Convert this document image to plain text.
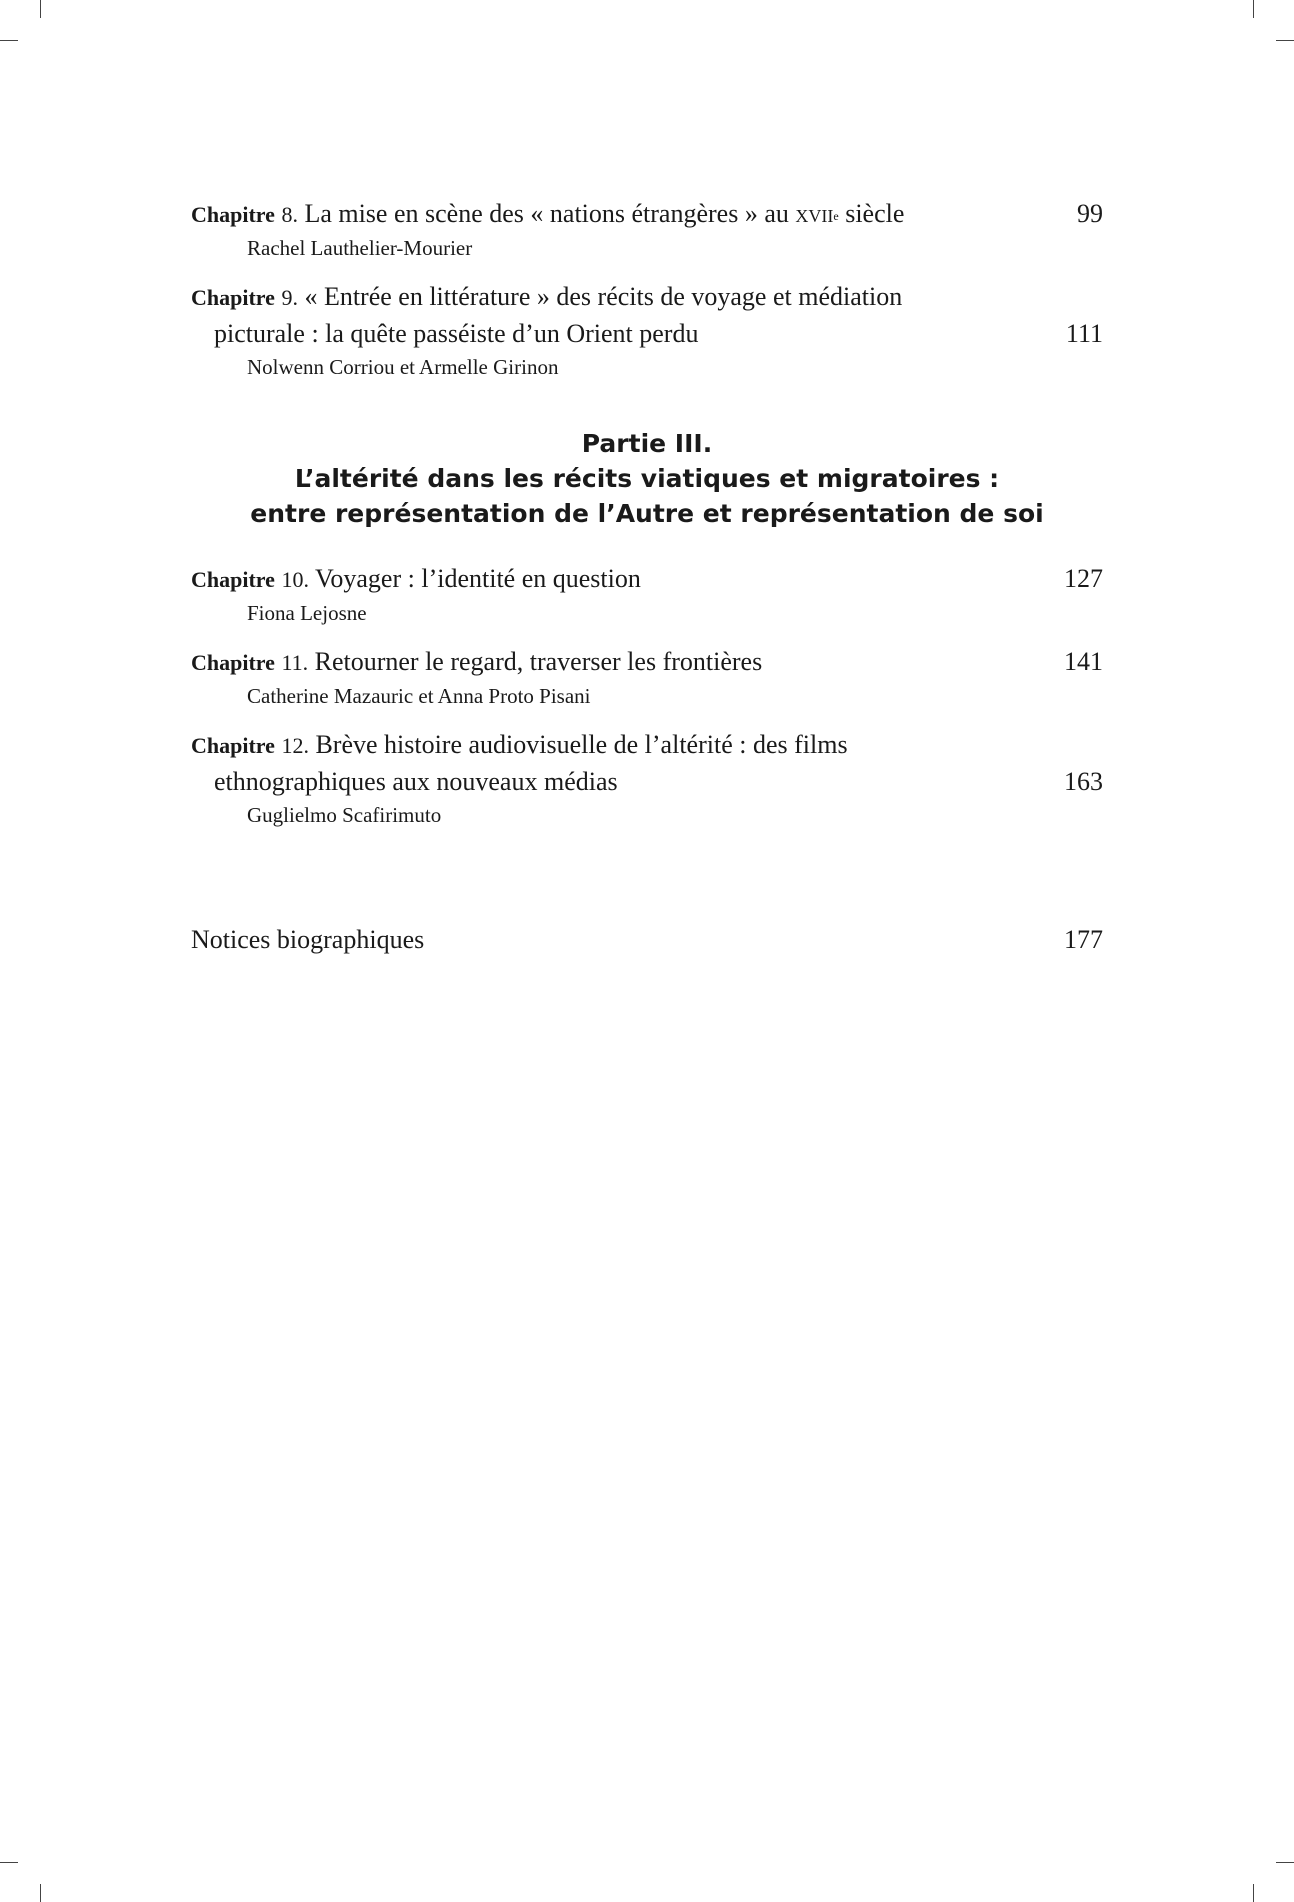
Chapitre 8. La mise en scène des « nations étrangères » au xvii$^e$ siècle	99
Rachel Lauthelier-Mourier
Chapitre 9. « Entrée en littérature » des récits de voyage et médiation
picturale : la quête passéiste d’un Orient perdu	111
Nolwenn Corriou et Armelle Girinon
Partie III.
L’altérité dans les récits viatiques et migratoires :
entre représentation de l’Autre et représentation de soi
Chapitre 10. Voyager : l’identité en question	127
Fiona Lejosne
Chapitre 11. Retourner le regard, traverser les frontières	141
Catherine Mazauric et Anna Proto Pisani
Chapitre 12. Brève histoire audiovisuelle de l’altérité : des films
ethnographiques aux nouveaux médias	163
Guglielmo Scafirimuto
Notices biographiques	177
